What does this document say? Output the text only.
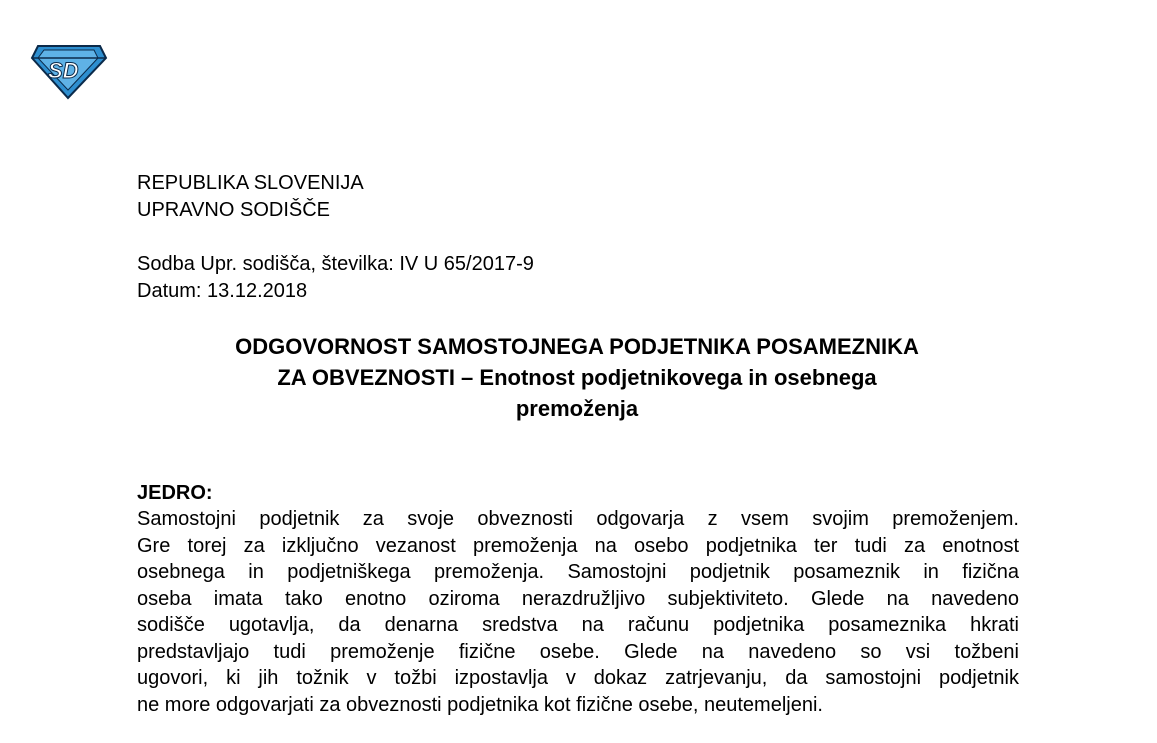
SD
REPUBLIKA SLOVENIJA
UPRAVNO SODIŠČE
Sodba Upr. sodišča, številka: IV U 65/2017-9
Datum: 13.12.2018
ODGOVORNOST SAMOSTOJNEGA PODJETNIKA POSAMEZNIKA
ZA OBVEZNOSTI – Enotnost podjetnikovega in osebnega
premoženja
JEDRO:
Samostojni podjetnik za svoje obveznosti odgovarja z vsem svojim premoženjem.
Gre torej za izključno vezanost premoženja na osebo podjetnika ter tudi za enotnost
osebnega in podjetniškega premoženja. Samostojni podjetnik posameznik in fizična
oseba imata tako enotno oziroma nerazdružljivo subjektiviteto. Glede na navedeno
sodišče ugotavlja, da denarna sredstva na računu podjetnika posameznika hkrati
predstavljajo tudi premoženje fizične osebe. Glede na navedeno so vsi tožbeni
ugovori, ki jih tožnik v tožbi izpostavlja v dokaz zatrjevanju, da samostojni podjetnik
ne more odgovarjati za obveznosti podjetnika kot fizične osebe, neutemeljeni.
